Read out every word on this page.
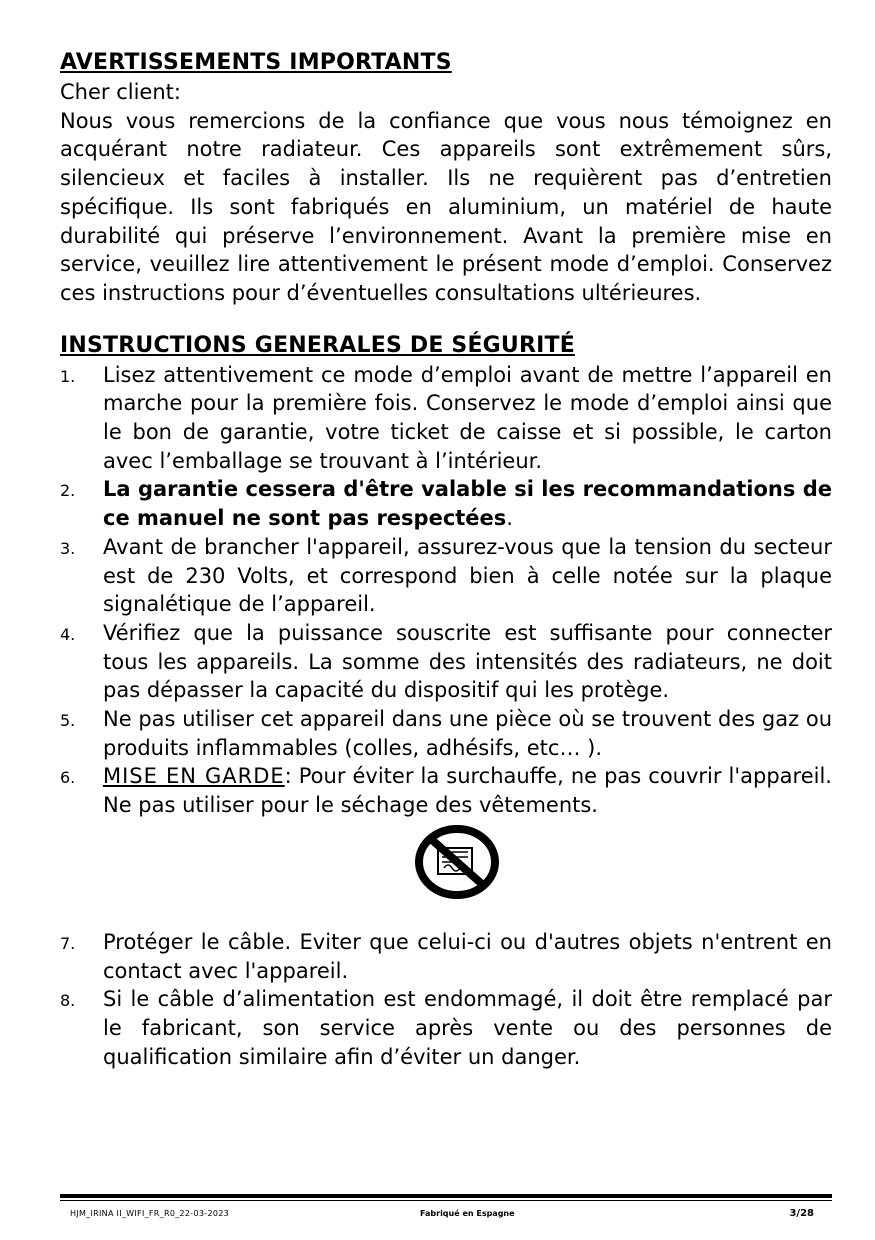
AVERTISSEMENTS IMPORTANTS

Cher client:

Nous vous remercions de la confiance que vous nous témoignez en acquérant notre radiateur. Ces appareils sont extrêmement sûrs, silencieux et faciles à installer. Ils ne requièrent pas d’entretien spécifique. Ils sont fabriqués en aluminium, un matériel de haute durabilité qui préserve l’environnement. Avant la première mise en service, veuillez lire attentivement le présent mode d’emploi. Conservez ces instructions pour d’éventuelles consultations ultérieures.

INSTRUCTIONS GENERALES DE SÉGURITÉ

1. Lisez attentivement ce mode d’emploi avant de mettre l’appareil en marche pour la première fois. Conservez le mode d’emploi ainsi que le bon de garantie, votre ticket de caisse et si possible, le carton avec l’emballage se trouvant à l’intérieur.
2. La garantie cessera d'être valable si les recommandations de ce manuel ne sont pas respectées.
3. Avant de brancher l'appareil, assurez-vous que la tension du secteur est de 230 Volts, et correspond bien à celle notée sur la plaque signalétique de l’appareil.
4. Vérifiez que la puissance souscrite est suffisante pour connecter tous les appareils. La somme des intensités des radiateurs, ne doit pas dépasser la capacité du dispositif qui les protège.
5. Ne pas utiliser cet appareil dans une pièce où se trouvent des gaz ou produits inflammables (colles, adhésifs, etc… ).
6. MISE EN GARDE: Pour éviter la surchauffe, ne pas couvrir l'appareil. Ne pas utiliser pour le séchage des vêtements.
7. Protéger le câble. Eviter que celui-ci ou d'autres objets n'entrent en contact avec l'appareil.
8. Si le câble d’alimentation est endommagé, il doit être remplacé par le fabricant, son service après vente ou des personnes de qualification similaire afin d’éviter un danger.
HJM_IRINA II_WIFI_FR_R0_22-03-2023	Fabriqué en Espagne	3/28
